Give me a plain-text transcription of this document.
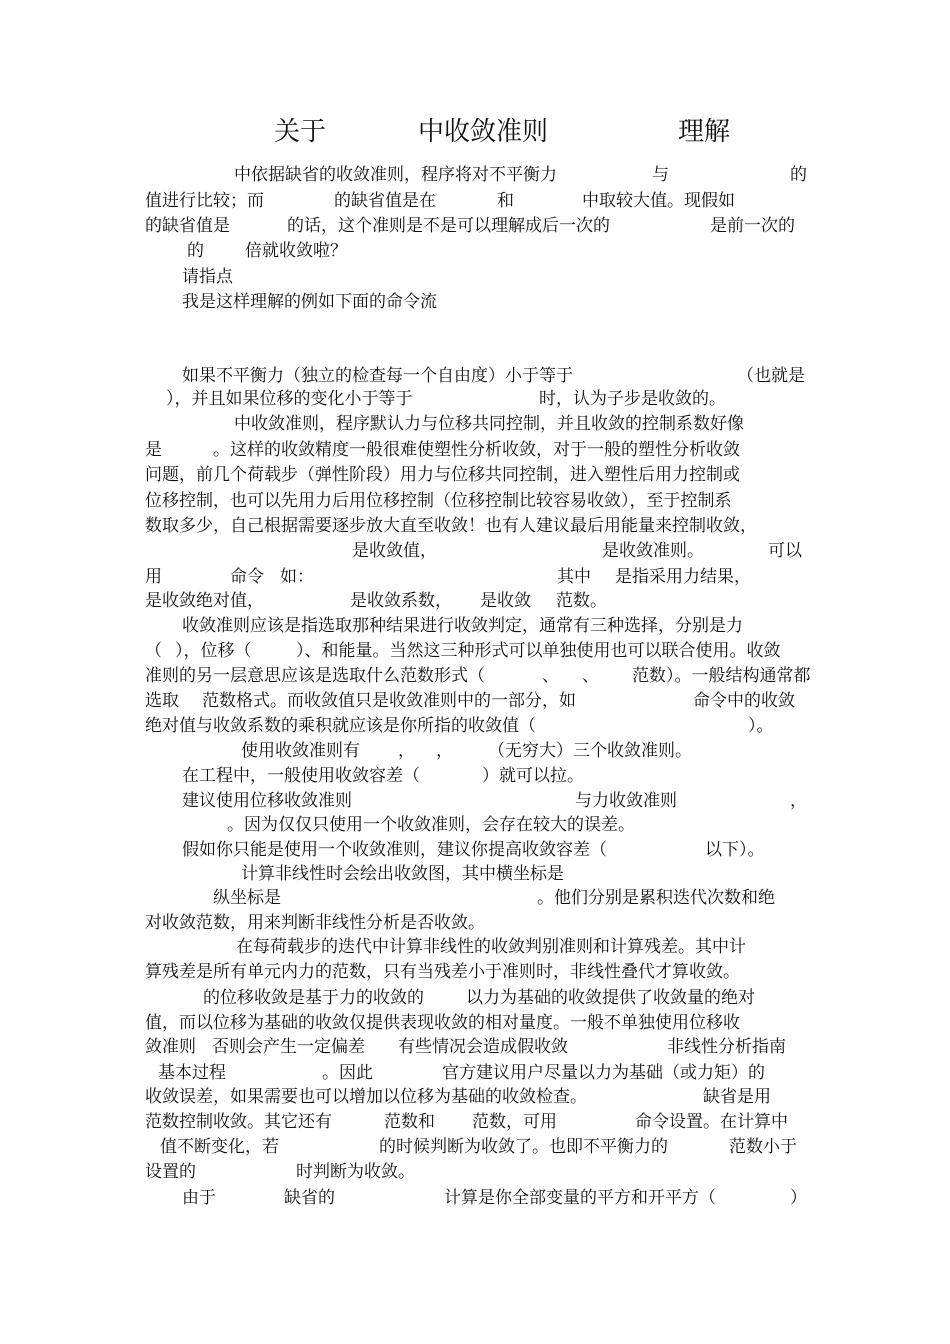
关于	中收敛准则	理解
中依据缺省的收敛准则，程序将对不平衡力	与	的
值进行比较；而	的缺省值是在	和	中取较大值。现假如
的缺省值是	的话，这个准则是不是可以理解成后一次的	是前一次的
的 倍就收敛啦？
请指点
我是这样理解的例如下面的命令流
如果不平衡力（独立的检查每一个自由度）小于等于	（也就是
），并且如果位移的变化小于等于	时，认为子步是收敛的。
中收敛准则，程序默认力与位移共同控制，并且收敛的控制系数好像
是	。这样的收敛精度一般很难使塑性分析收敛，对于一般的塑性分析收敛
问题，前几个荷载步（弹性阶段）用力与位移共同控制，进入塑性后用力控制或
位移控制，也可以先用力后用位移控制（位移控制比较容易收敛），至于控制系
数取多少，自己根据需要逐步放大直至收敛！也有人建议最后用能量来控制收敛，
是收敛值，	是收敛准则。	可以
用	命令 如：	其中 是指采用力结果，
是收敛绝对值，	是收敛系数， 是收敛 范数。
收敛准则应该是指选取那种结果进行收敛判定，通常有三种选择，分别是力
（ ），位移（	）、和能量。当然这三种形式可以单独使用也可以联合使用。收敛
准则的另一层意思应该是选取什么范数形式（	、 、 范数）。一般结构通常都
选取 范数格式。而收敛值只是收敛准则中的一部分，如	命令中的收敛
绝对值与收敛系数的乘积就应该是你所指的收敛值（	）。
使用收敛准则有 ， ， （无穷大）三个收敛准则。
在工程中，一般使用收敛容差（	）就可以拉。
建议使用位移收敛准则	与力收敛准则	，
。因为仅仅只使用一个收敛准则，会存在较大的误差。
假如你只能是使用一个收敛准则，建议你提高收敛容差（	以下）。
计算非线性时会绘出收敛图，其中横坐标是
纵坐标是	。他们分别是累积迭代次数和绝
对收敛范数，用来判断非线性分析是否收敛。
在每荷载步的迭代中计算非线性的收敛判别准则和计算残差。其中计
算残差是所有单元内力的范数，只有当残差小于准则时，非线性叠代才算收敛。
的位移收敛是基于力的收敛的 以力为基础的收敛提供了收敛量的绝对
值，而以位移为基础的收敛仅提供表现收敛的相对量度。一般不单独使用位移收
敛准则 否则会产生一定偏差 有些情况会造成假收敛	非线性分析指南
基本过程	。因此	官方建议用户尽量以力为基础（或力矩）的
收敛误差，如果需要也可以增加以位移为基础的收敛检查。	缺省是用
范数控制收敛。其它还有	范数和 范数，可用	命令设置。在计算中
值不断变化，若	的时候判断为收敛了。也即不平衡力的	范数小于
设置的	时判断为收敛。
由于	缺省的	计算是你全部变量的平方和开平方（	）
